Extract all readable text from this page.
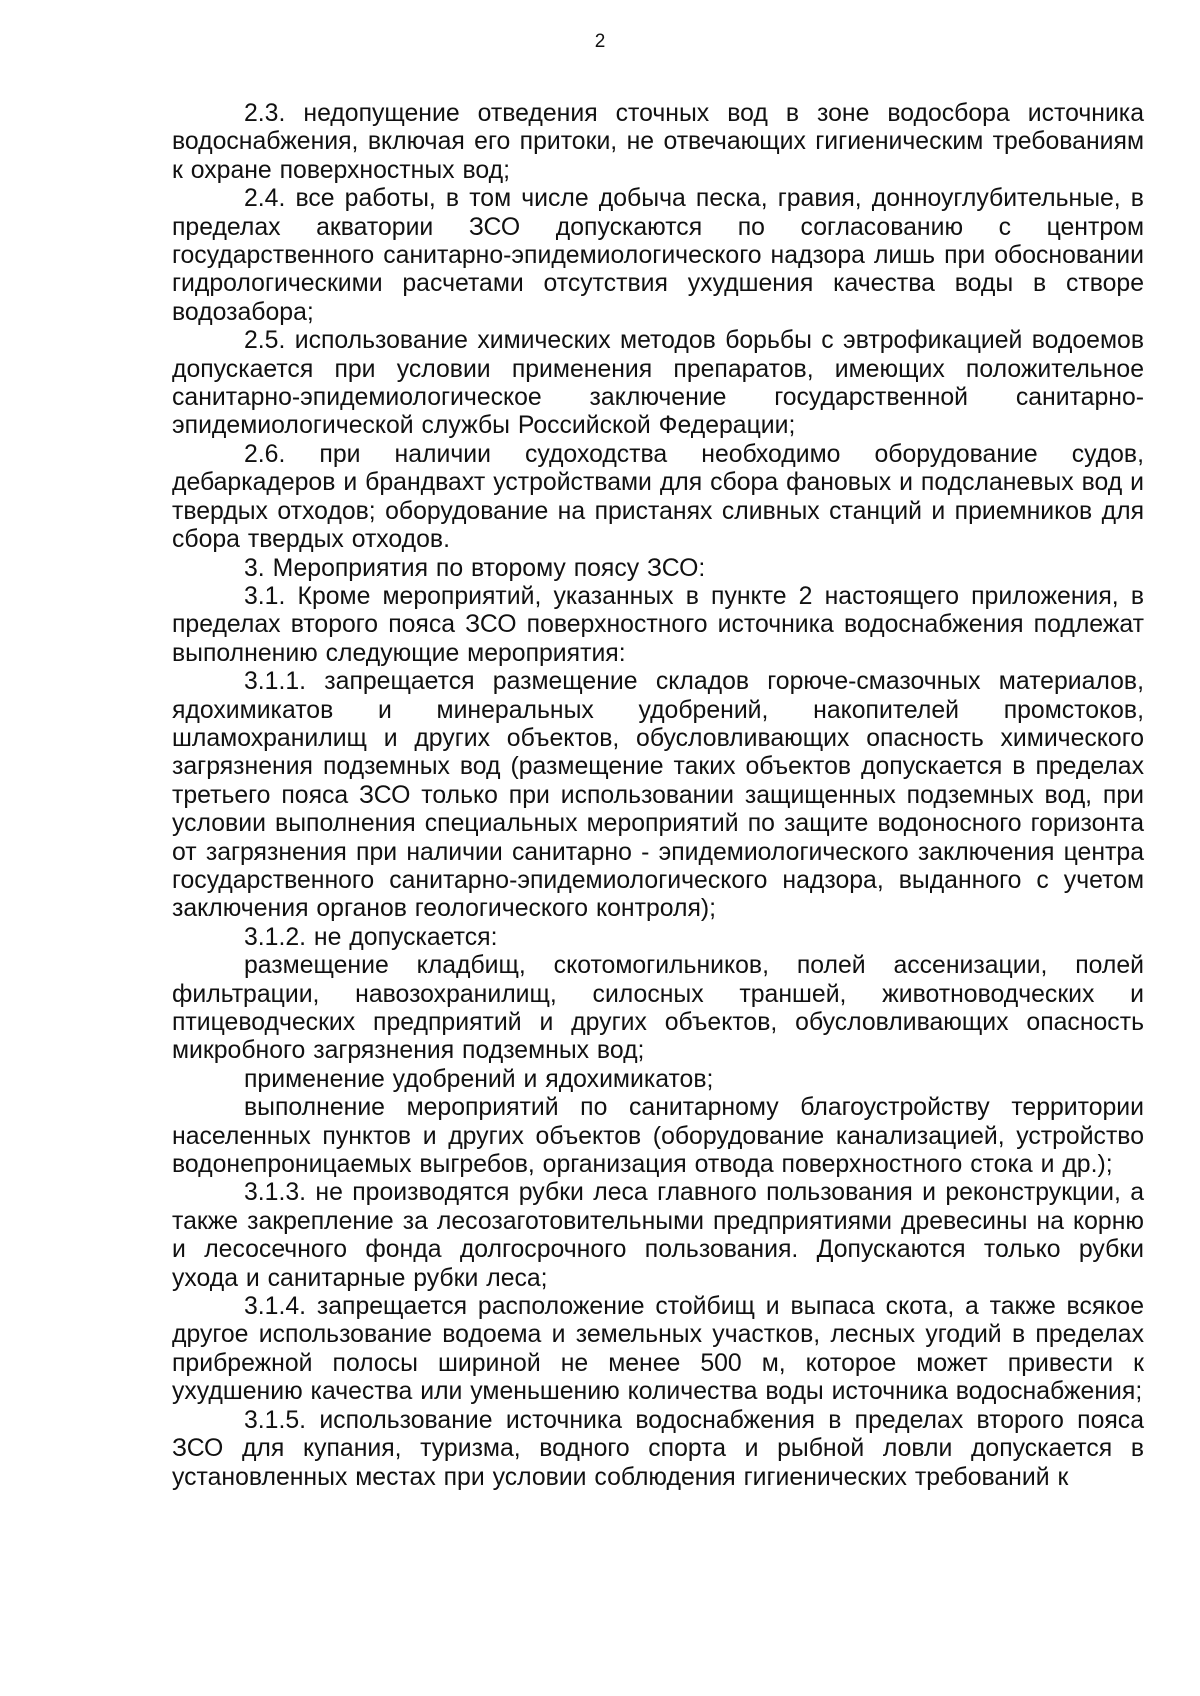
2

2.3. недопущение отведения сточных вод в зоне водосбора источника водоснабжения, включая его притоки, не отвечающих гигиеническим требованиям к охране поверхностных вод;

2.4. все работы, в том числе добыча песка, гравия, донноуглубительные, в пределах акватории ЗСО допускаются по согласованию с центром государственного санитарно-эпидемиологического надзора лишь при обосновании гидрологическими расчетами отсутствия ухудшения качества воды в створе водозабора;

2.5. использование химических методов борьбы с эвтрофикацией водоемов допускается при условии применения препаратов, имеющих положительное санитарно-эпидемиологическое заключение государственной санитарно-эпидемиологической службы Российской Федерации;

2.6. при наличии судоходства необходимо оборудование судов, дебаркадеров и брандвахт устройствами для сбора фановых и подсланевых вод и твердых отходов; оборудование на пристанях сливных станций и приемников для сбора твердых отходов.

3. Мероприятия по второму поясу ЗСО:

3.1. Кроме мероприятий, указанных в пункте 2 настоящего приложения, в пределах второго пояса ЗСО поверхностного источника водоснабжения подлежат выполнению следующие мероприятия:

3.1.1. запрещается размещение складов горюче-смазочных материалов, ядохимикатов и минеральных удобрений, накопителей промстоков, шламохранилищ и других объектов, обусловливающих опасность химического загрязнения подземных вод (размещение таких объектов допускается в пределах третьего пояса ЗСО только при использовании защищенных подземных вод, при условии выполнения специальных мероприятий по защите водоносного горизонта от загрязнения при наличии санитарно - эпидемиологического заключения центра государственного санитарно-эпидемиологического надзора, выданного с учетом заключения органов геологического контроля);

3.1.2. не допускается:

размещение кладбищ, скотомогильников, полей ассенизации, полей фильтрации, навозохранилищ, силосных траншей, животноводческих и птицеводческих предприятий и других объектов, обусловливающих опасность микробного загрязнения подземных вод;

применение удобрений и ядохимикатов;

выполнение мероприятий по санитарному благоустройству территории населенных пунктов и других объектов (оборудование канализацией, устройство водонепроницаемых выгребов, организация отвода поверхностного стока и др.);

3.1.3. не производятся рубки леса главного пользования и реконструкции, а также закрепление за лесозаготовительными предприятиями древесины на корню и лесосечного фонда долгосрочного пользования. Допускаются только рубки ухода и санитарные рубки леса;

3.1.4. запрещается расположение стойбищ и выпаса скота, а также всякое другое использование водоема и земельных участков, лесных угодий в пределах прибрежной полосы шириной не менее 500 м, которое может привести к ухудшению качества или уменьшению количества воды источника водоснабжения;

3.1.5. использование источника водоснабжения в пределах второго пояса ЗСО для купания, туризма, водного спорта и рыбной ловли допускается в установленных местах при условии соблюдения гигиенических требований к
